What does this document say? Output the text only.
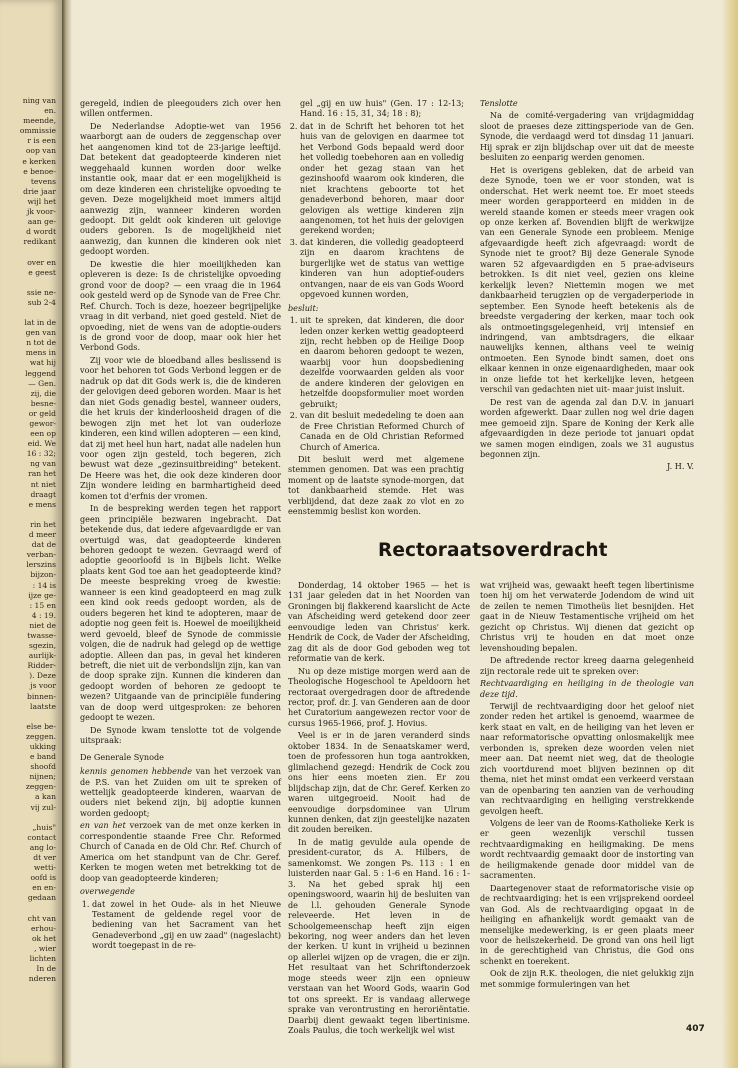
ning van
en.
meende,
ommissie
r is een
oop van
e kerken
e benoe-
tevens
drie jaar
wijl het
jk voor-
aan ge-
d wordt
redikant

over en
e geest

ssie ne-
sub 2-4

lat in de
gen van
n tot de
mens in
wat hij
leggend
— Gen.
zij, die
besne-
or geld
gewor-
een op
eid. We
16 : 32;
ng van
ran het
nt niet
draagt
e mens

rin het
d meer
dat de
verban-
lerszins
bijzon-
: 14 is
ijze ge-
: 15 en
4 : 19.
niet de
twasse-
sgezin,
aurlijk-
Ridder-
). Deze
js voor
binnen-
laatste

else be-
zeggen.
ukking
e band
shoofd
nijnen;
zeggen-
a kan
vij zul-

„huis"
contact
ang lo-
dt ver
wetti-
oofd is
en en-
gedaan

cht van
erhou-
ok het
, wier
lichten
In de
nderen

geregeld, indien de pleegouders zich over hen willen ontfermen.

De Nederlandse Adoptie-wet van 1956 waarborgt aan de ouders de zeggenschap over het aangenomen kind tot de 23-jarige leeftijd. Dat betekent dat geadopteerde kinderen niet weggehaald kunnen worden door welke instantie ook, maar dat er een mogelijkheid is om deze kinderen een christelijke opvoeding te geven. Deze mogelijkheid moet immers altijd aanwezig zijn, wanneer kinderen worden gedoopt. Dit geldt ook kinderen uit gelovige ouders geboren. Is de mogelijkheid niet aanwezig, dan kunnen die kinderen ook niet gedoopt worden.

De kwestie die hier moeilijkheden kan opleveren is deze: Is de christelijke opvoeding grond voor de doop? — een vraag die in 1964 ook gesteld werd op de Synode van de Free Chr. Ref. Church. Toch is deze, hoezeer begrijpelijke vraag in dit verband, niet goed gesteld. Niet de opvoeding, niet de wens van de adoptie-ouders is de grond voor de doop, maar ook hier het Verbond Gods.

Zij voor wie de bloedband alles beslissend is voor het behoren tot Gods Verbond leggen er de nadruk op dat dit Gods werk is, die de kinderen der gelovigen deed geboren worden. Maar is het dan niet Gods genadig bestel, wanneer ouders, die het kruis der kinderloosheid dragen of die bewogen zijn met het lot van ouderloze kinderen, een kind willen adopteren — een kind, dat zij met heel hun hart, nadat alle nadelen hun voor ogen zijn gesteld, toch begeren, zich bewust wat deze „gezinsuitbreiding" betekent. De Heere was het, die ook deze kinderen door Zijn wondere leiding en barmhartigheid deed komen tot d'erfnis der vromen.

In de bespreking werden tegen het rapport geen principiële bezwaren ingebracht. Dat betekende dus, dat iedere afgevaardigde er van overtuigd was, dat geadopteerde kinderen behoren gedoopt te wezen. Gevraagd werd of adoptie geoorloofd is in Bijbels licht. Welke plaats kent God toe aan het geadopteerde kind? De meeste bespreking vroeg de kwestie: wanneer is een kind geadopteerd en mag zulk een kind ook reeds gedoopt worden, als de ouders begeren het kind te adopteren, maar de adoptie nog geen feit is. Hoewel de moeilijkheid werd gevoeld, bleef de Synode de commissie volgen, die de nadruk had gelegd op de wettige adoptie. Alleen dan pas, in geval het kinderen betreft, die niet uit de verbondslijn zijn, kan van de doop sprake zijn. Kunnen die kinderen dan gedoopt worden of behoren ze gedoopt te wezen? Uitgaande van de principiële fundering van de doop werd uitgesproken: ze behoren gedoopt te wezen.

De Synode kwam tenslotte tot de volgende uitspraak:

De Generale Synode

kennis genomen hebbende van het verzoek van de P.S. van het Zuiden om uit te spreken of wettelijk geadopteerde kinderen, waarvan de ouders niet bekend zijn, bij adoptie kunnen worden gedoopt;

en van het verzoek van de met onze kerken in correspondentie staande Free Chr. Reformed Church of Canada en de Old Chr. Ref. Church of America om het standpunt van de Chr. Geref. Kerken te mogen weten met betrekking tot de doop van geadopteerde kinderen;

overwegende

1. dat zowel in het Oude- als in het Nieuwe Testament de geldende regel voor de bediening van het Sacrament van het Genadeverbond „gij en uw zaad" (nageslacht) wordt toegepast in de re-

gel „gij en uw huis" (Gen. 17 : 12-13; Hand. 16 : 15, 31, 34; 18 : 8);

2. dat in de Schrift het behoren tot het huis van de gelovigen en daarmee tot het Verbond Gods bepaald werd door het volledig toebehoren aan en volledig onder het gezag staan van het gezinshoofd waarom ook kinderen, die niet krachtens geboorte tot het genadeverbond behoren, maar door gelovigen als wettige kinderen zijn aangenomen, tot het huis der gelovigen gerekend worden;
3. dat kinderen, die volledig geadopteerd zijn en daarom krachtens de burgerlijke wet de status van wettige kinderen van hun adoptief-ouders ontvangen, naar de eis van Gods Woord opgevoed kunnen worden,

besluit:

1. uit te spreken, dat kinderen, die door leden onzer kerken wettig geadopteerd zijn, recht hebben op de Heilige Doop en daarom behoren gedoopt te wezen, waarbij voor hun doopsbediening dezelfde voorwaarden gelden als voor de andere kinderen der gelovigen en hetzelfde doopsformulier moet worden gebruikt;
2. van dit besluit mededeling te doen aan de Free Christian Reformed Church of Canada en de Old Christian Reformed Church of America.

Dit besluit werd met algemene stemmen genomen. Dat was een prachtig moment op de laatste synode-morgen, dat tot dankbaarheid stemde. Het was verblijdend, dat deze zaak zo vlot en zo eenstemmig beslist kon worden.

Tenslotte

Na de comité-vergadering van vrijdagmiddag sloot de praeses deze zittingsperiode van de Gen. Synode, die verdaagd werd tot dinsdag 11 januari. Hij sprak er zijn blijdschap over uit dat de meeste besluiten zo eenparig werden genomen.

Het is overigens gebleken, dat de arbeid van deze Synode, toen we er voor stonden, wat is onderschat. Het werk neemt toe. Er moet steeds meer worden gerapporteerd en midden in de wereld staande komen er steeds meer vragen ook op onze kerken af. Bovendien blijft de werkwijze van een Generale Synode een probleem. Menige afgevaardigde heeft zich afgevraagd: wordt de Synode niet te groot? Bij deze Generale Synode waren 52 afgevaardigden en 5 prae-adviseurs betrokken. Is dit niet veel, gezien ons kleine kerkelijk leven? Niettemin mogen we met dankbaarheid terugzien op de vergaderperiode in september. Een Synode heeft betekenis als de breedste vergadering der kerken, maar toch ook als ontmoetingsgelegenheid, vrij intensief en indringend, van ambtsdragers, die elkaar nauwelijks kennen, althans veel te weinig ontmoeten. Een Synode bindt samen, doet ons elkaar kennen in onze eigenaardigheden, maar ook in onze liefde tot het kerkelijke leven, hetgeen verschil van gedachten niet uit- maar juist insluit.

De rest van de agenda zal dan D.V. in januari worden afgewerkt. Daar zullen nog wel drie dagen mee gemoeid zijn. Spare de Koning der Kerk alle afgevaardigden in deze periode tot januari opdat we samen mogen eindigen, zoals we 31 augustus begonnen zijn.

J. H. V.

Rectoraatsoverdracht

Donderdag, 14 oktober 1965 — het is 131 jaar geleden dat in het Noorden van Groningen bij flakkerend kaarslicht de Acte van Afscheiding werd getekend door zeer eenvoudige leden van Christus' kerk. Hendrik de Cock, de Vader der Afscheiding, zag dit als de door God geboden weg tot reformatie van de kerk.

Nu op deze mistige morgen werd aan de Theologische Hogeschool te Apeldoorn het rectoraat overgedragen door de aftredende rector, prof. dr. J. van Genderen aan de door het Curatorium aangewezen rector voor de cursus 1965-1966, prof. J. Hovius.

Veel is er in de jaren veranderd sinds oktober 1834. In de Senaatskamer werd, toen de professoren hun toga aantrokken, glimlachend gezegd: Hendrik de Cock zou ons hier eens moeten zien. Er zou blijdschap zijn, dat de Chr. Geref. Kerken zo waren uitgegroeid. Nooit had de eenvoudige dorpsdominee van Ulrum kunnen denken, dat zijn geestelijke nazaten dit zouden bereiken.

In de matig gevulde aula opende de president-curator, ds A. Hilbers, de samenkomst. We zongen Ps. 113 : 1 en luisterden naar Gal. 5 : 1-6 en Hand. 16 : 1-3. Na het gebed sprak hij een openingswoord, waarin hij de besluiten van de l.l. gehouden Generale Synode releveerde. Het leven in de Schoolgemeenschap heeft zijn eigen bekoring, nog weer anders dan het leven der kerken. U kunt in vrijheid u bezinnen op allerlei wijzen op de vragen, die er zijn. Het resultaat van het Schriftonderzoek moge steeds weer zijn een opnieuw verstaan van het Woord Gods, waarin God tot ons spreekt. Er is vandaag allerwege sprake van verontrusting en heroriëntatie. Daarbij dient gewaakt tegen libertinisme. Zoals Paulus, die toch werkelijk wel wist

wat vrijheid was, gewaakt heeft tegen libertinisme toen hij om het verwaterde Jodendom de wind uit de zeilen te nemen Timotheüs liet besnijden. Het gaat in de Nieuw Testamentische vrijheid om het gezicht op Christus. Wij dienen dat gezicht op Christus vrij te houden en dat moet onze levenshouding bepalen.

De aftredende rector kreeg daarna gelegenheid zijn rectorale rede uit te spreken over:

Rechtvaardiging en heiliging in de theologie van deze tijd.

Terwijl de rechtvaardiging door het geloof niet zonder reden het artikel is genoemd, waarmee de kerk staat en valt, en de heiliging van het leven er naar reformatorische opvatting onlosmakelijk mee verbonden is, spreken deze woorden velen niet meer aan. Dat neemt niet weg, dat de theologie zich voortdurend moet blijven bezinnen op dit thema, niet het minst omdat een verkeerd verstaan van de openbaring ten aanzien van de verhouding van rechtvaardiging en heiliging verstrekkende gevolgen heeft.

Volgens de leer van de Rooms-Katholieke Kerk is er geen wezenlijk verschil tussen rechtvaardigmaking en heiligmaking. De mens wordt rechtvaardig gemaakt door de instorting van de heiligmakende genade door middel van de sacramenten.

Daartegenover staat de reformatorische visie op de rechtvaardiging: het is een vrijsprekend oordeel van God. Als de rechtvaardiging opgaat in de heiliging en afhankelijk wordt gemaakt van de menselijke medewerking, is er geen plaats meer voor de heilszekerheid. De grond van ons heil ligt in de gerechtigheid van Christus, die God ons schenkt en toerekent.

Ook de zijn R.K. theologen, die niet gelukkig zijn met sommige formuleringen van het

407
